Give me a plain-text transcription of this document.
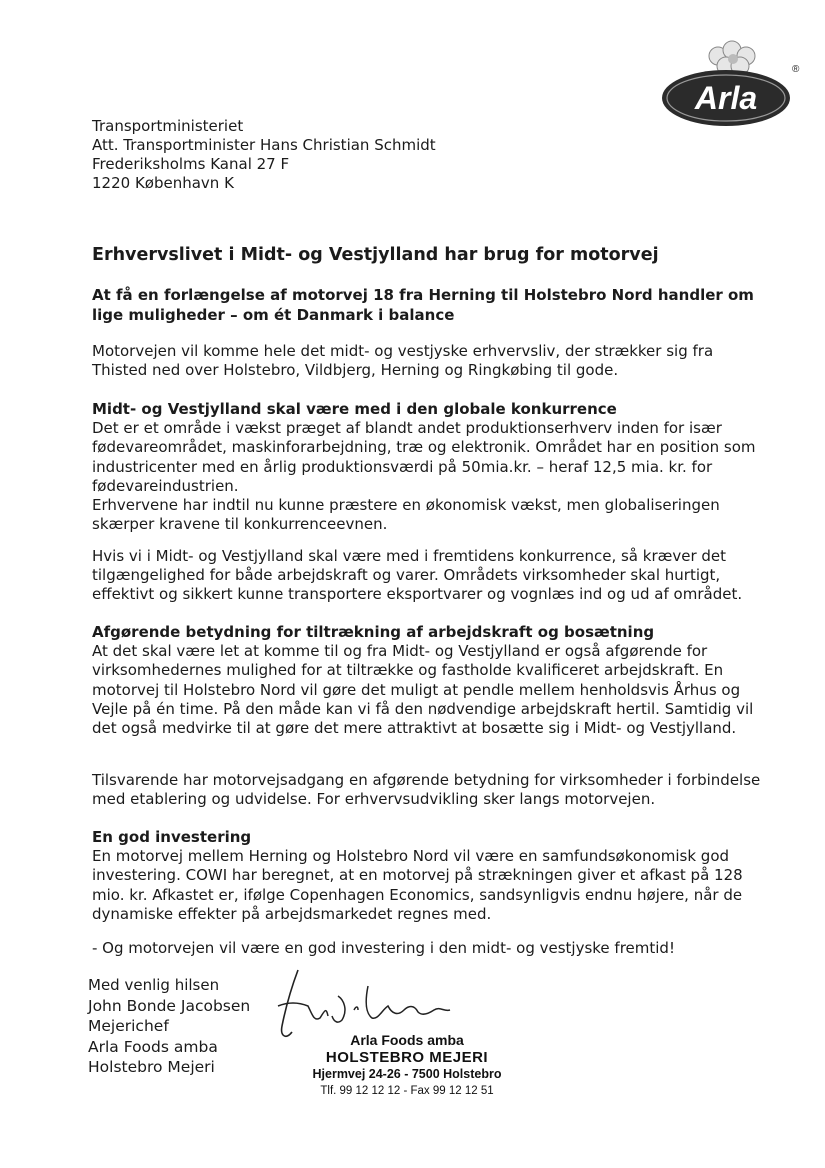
Arla
®
Transportministeriet
Att. Transportminister Hans Christian Schmidt
Frederiksholms Kanal 27 F
1220 København K
Erhvervslivet i Midt- og Vestjylland har brug for motorvej
At få en forlængelse af motorvej 18 fra Herning til Holstebro Nord handler om lige muligheder – om ét Danmark i balance

Motorvejen vil komme hele det midt- og vestjyske erhvervsliv, der strækker sig fra Thisted ned over Holstebro, Vildbjerg, Herning og Ringkøbing til gode.

Midt- og Vestjylland skal være med i den globale konkurrence
Det er et område i vækst præget af blandt andet produktionserhverv inden for især fødevareområdet, maskinforarbejdning, træ og elektronik. Området har en position som industricenter med en årlig produktionsværdi på 50mia.kr. – heraf 12,5 mia. kr. for fødevareindustrien.
Erhvervene har indtil nu kunne præstere en økonomisk vækst, men globaliseringen skærper kravene til konkurrenceevnen.

Hvis vi i Midt- og Vestjylland skal være med i fremtidens konkurrence, så kræver det tilgængelighed for både arbejdskraft og varer. Områdets virksomheder skal hurtigt, effektivt og sikkert kunne transportere eksportvarer og vognlæs ind og ud af området.

Afgørende betydning for tiltrækning af arbejdskraft og bosætning
At det skal være let at komme til og fra Midt- og Vestjylland er også afgørende for virksomhedernes mulighed for at tiltrække og fastholde kvalificeret arbejdskraft. En motorvej til Holstebro Nord vil gøre det muligt at pendle mellem henholdsvis Århus og Vejle på én time. På den måde kan vi få den nødvendige arbejdskraft hertil. Samtidig vil det også medvirke til at gøre det mere attraktivt at bosætte sig i Midt- og Vestjylland.

Tilsvarende har motorvejsadgang en afgørende betydning for virksomheder i forbindelse med etablering og udvidelse. For erhvervsudvikling sker langs motorvejen.

En god investering
En motorvej mellem Herning og Holstebro Nord vil være en samfundsøkonomisk god investering. COWI har beregnet, at en motorvej på strækningen giver et afkast på 128 mio. kr. Afkastet er, ifølge Copenhagen Economics, sandsynligvis endnu højere, når de dynamiske effekter på arbejdsmarkedet regnes med.

- Og motorvejen vil være en god investering i den midt- og vestjyske fremtid!

Med venlig hilsen
John Bonde Jacobsen
Mejerichef
Arla Foods amba
Holstebro Mejeri
Arla Foods amba
HOLSTEBRO MEJERI
Hjermvej 24-26 - 7500 Holstebro
Tlf. 99 12 12 12 - Fax 99 12 12 51
